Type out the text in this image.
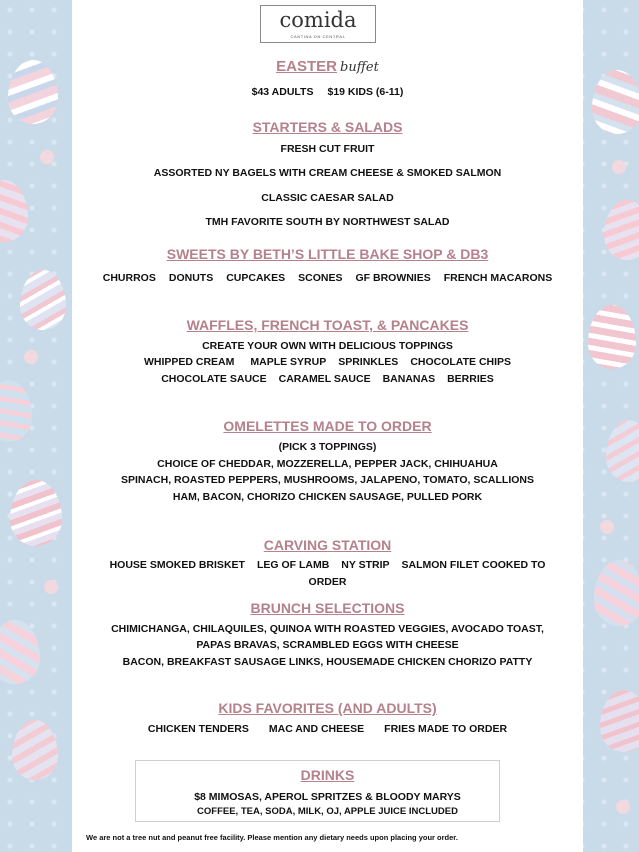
comida
CANTINA ON CENTRAL
EASTER buffet
$43 ADULTS $19 KIDS (6-11)
STARTERS & SALADS
FRESH CUT FRUIT
ASSORTED NY BAGELS WITH CREAM CHEESE & SMOKED SALMON
CLASSIC CAESAR SALAD
TMH FAVORITE SOUTH BY NORTHWEST SALAD
SWEETS BY BETH’S LITTLE BAKE SHOP & DB3
CHURROS DONUTS CUPCAKES SCONES GF BROWNIES FRENCH MACARONS
WAFFLES, FRENCH TOAST, & PANCAKES
CREATE YOUR OWN WITH DELICIOUS TOPPINGS
WHIPPED CREAM MAPLE SYRUP SPRINKLES CHOCOLATE CHIPS
CHOCOLATE SAUCE CARAMEL SAUCE BANANAS BERRIES
OMELETTES MADE TO ORDER
(PICK 3 TOPPINGS)
CHOICE OF CHEDDAR, MOZZERELLA, PEPPER JACK, CHIHUAHUA
SPINACH, ROASTED PEPPERS, MUSHROOMS, JALAPENO, TOMATO, SCALLIONS
HAM, BACON, CHORIZO CHICKEN SAUSAGE, PULLED PORK
CARVING STATION
HOUSE SMOKED BRISKET LEG OF LAMB NY STRIP SALMON FILET COOKED TO
ORDER
BRUNCH SELECTIONS
CHIMICHANGA, CHILAQUILES, QUINOA WITH ROASTED VEGGIES, AVOCADO TOAST,
PAPAS BRAVAS, SCRAMBLED EGGS WITH CHEESE
BACON, BREAKFAST SAUSAGE LINKS, HOUSEMADE CHICKEN CHORIZO PATTY
KIDS FAVORITES (AND ADULTS)
CHICKEN TENDERS MAC AND CHEESE FRIES MADE TO ORDER
DRINKS
$8 MIMOSAS, APEROL SPRITZES & BLOODY MARYS
COFFEE, TEA, SODA, MILK, OJ, APPLE JUICE INCLUDED
We are not a tree nut and peanut free facility. Please mention any dietary needs upon placing your order.
